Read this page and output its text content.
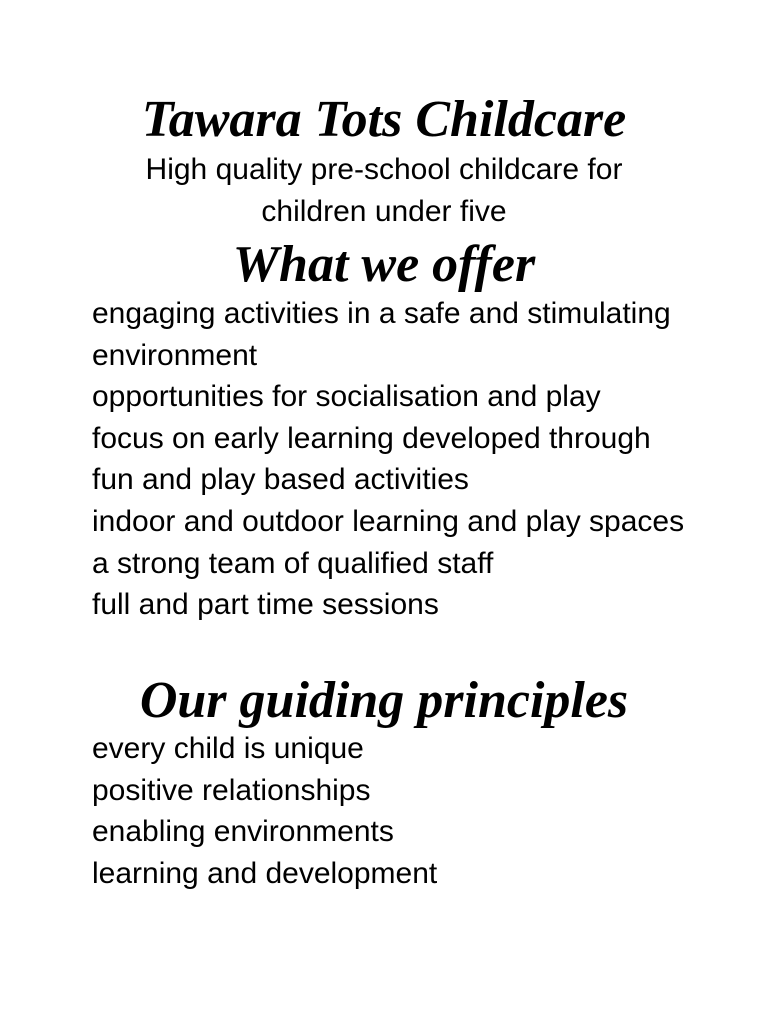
Tawara Tots Childcare

High quality pre-school childcare for children under five

What we offer
engaging activities in a safe and stimulating environment
opportunities for socialisation and play
focus on early learning developed through fun and play based activities
indoor and outdoor learning and play spaces
a strong team of qualified staff
full and part time sessions
Our guiding principles
every child is unique
positive relationships
enabling environments
learning and development
